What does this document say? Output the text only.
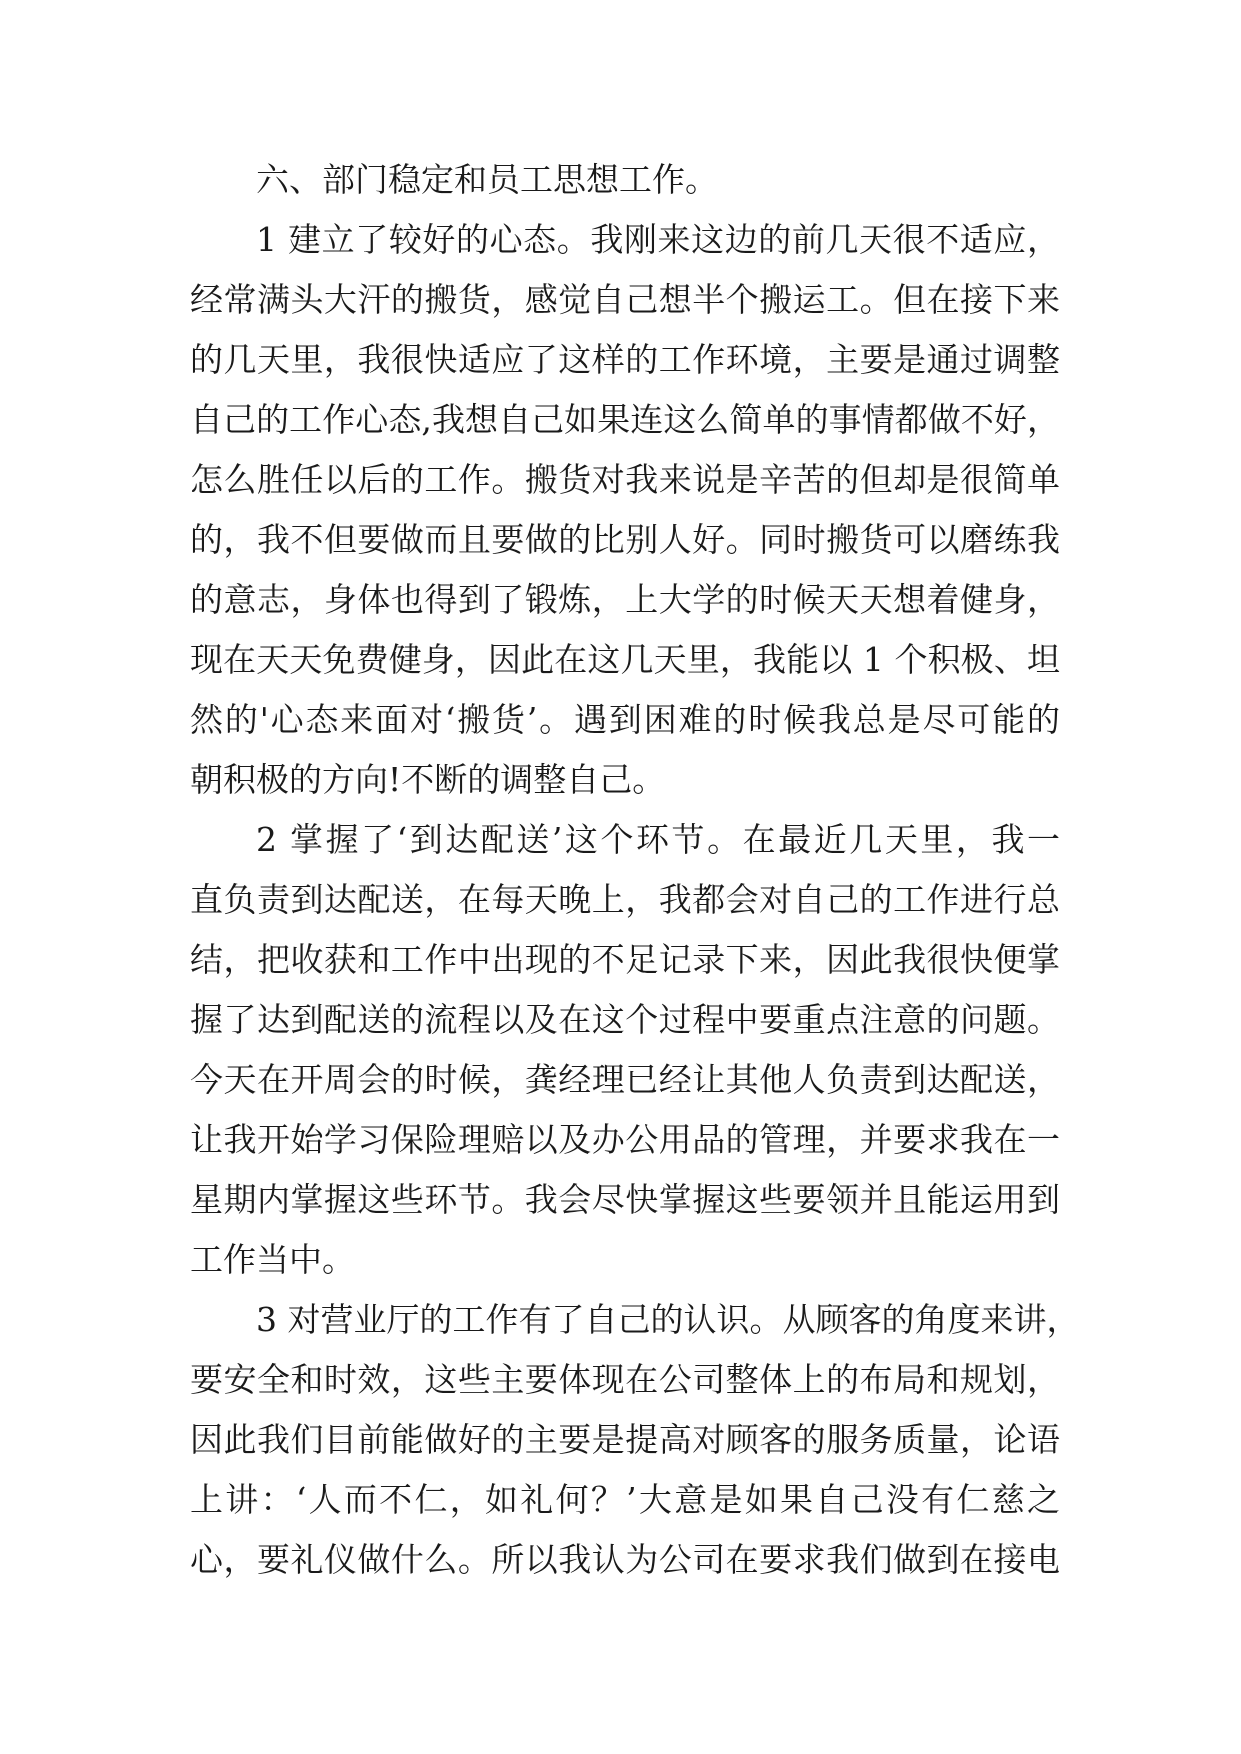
六、部门稳定和员工思想工作。
1 建立了较好的心态。我刚来这边的前几天很不适应，
经常满头大汗的搬货，感觉自己想半个搬运工。但在接下来
的几天里，我很快适应了这样的工作环境，主要是通过调整
自己的工作心态,我想自己如果连这么简单的事情都做不好，
怎么胜任以后的工作。搬货对我来说是辛苦的但却是很简单
的，我不但要做而且要做的比别人好。同时搬货可以磨练我
的意志，身体也得到了锻炼，上大学的时候天天想着健身，
现在天天免费健身，因此在这几天里，我能以 1 个积极、坦
然的'心态来面对‘搬货’。遇到困难的时候我总是尽可能的
朝积极的方向!不断的调整自己。
2 掌握了‘到达配送’这个环节。在最近几天里，我一
直负责到达配送，在每天晚上，我都会对自己的工作进行总
结，把收获和工作中出现的不足记录下来，因此我很快便掌
握了达到配送的流程以及在这个过程中要重点注意的问题。
今天在开周会的时候，龚经理已经让其他人负责到达配送，
让我开始学习保险理赔以及办公用品的管理，并要求我在一
星期内掌握这些环节。我会尽快掌握这些要领并且能运用到
工作当中。
3 对营业厅的工作有了自己的认识。从顾客的角度来讲，
要安全和时效，这些主要体现在公司整体上的布局和规划，
因此我们目前能做好的主要是提高对顾客的服务质量，论语
上讲：‘人而不仁，如礼何？’大意是如果自己没有仁慈之
心，要礼仪做什么。所以我认为公司在要求我们做到在接电
